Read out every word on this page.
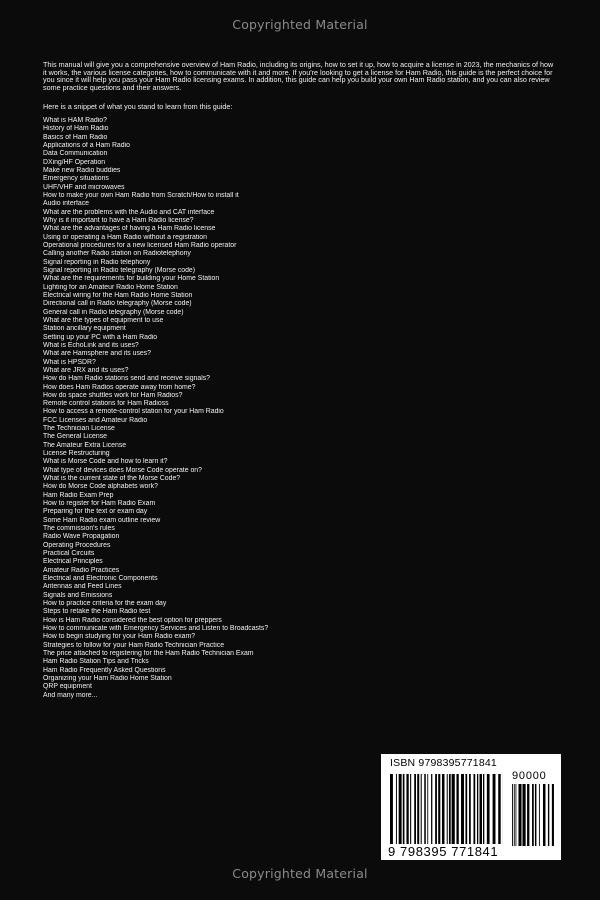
Copyrighted Material
This manual will give you a comprehensive overview of Ham Radio, including its origins, how to set it up, how to acquire a license in 2023, the mechanics of how it works, the various license categories, how to communicate with it and more. If you're looking to get a license for Ham Radio, this guide is the perfect choice for you since it will help you pass your Ham Radio licensing exams. In addition, this guide can help you build your own Ham Radio station, and you can also review some practice questions and their answers.
Here is a snippet of what you stand to learn from this guide:
What is HAM Radio?
History of Ham Radio
Basics of Ham Radio
Applications of a Ham Radio
Data Communication
DXing/HF Operation
Make new Radio buddies
Emergency situations
UHF/VHF and microwaves
How to make your own Ham Radio from Scratch/How to install it
Audio interface
What are the problems with the Audio and CAT interface
Why is it important to have a Ham Radio license?
What are the advantages of having a Ham Radio license
Using or operating a Ham Radio without a registration
Operational procedures for a new licensed Ham Radio operator
Calling another Radio station on Radiotelephony
Signal reporting in Radio telephony
Signal reporting in Radio telegraphy (Morse code)
What are the requirements for building your Home Station
Lighting for an Amateur Radio Home Station
Electrical wiring for the Ham Radio Home Station
Directional call in Radio telegraphy (Morse code)
General call in Radio telegraphy (Morse code)
What are the types of equipment to use
Station ancillary equipment
Setting up your PC with a Ham Radio
What is EchoLink and its uses?
What are Hamsphere and its uses?
What is HPSDR?
What are JRX and its uses?
How do Ham Radio stations send and receive signals?
How does Ham Radios operate away from home?
How do space shuttles work for Ham Radios?
Remote control stations for Ham Radioss
How to access a remote-control station for your Ham Radio
FCC Licenses and Amateur Radio
The Technician License
The General License
The Amateur Extra License
License Restructuring
What is Morse Code and how to learn it?
What type of devices does Morse Code operate on?
What is the current state of the Morse Code?
How do Morse Code alphabets work?
Ham Radio Exam Prep
How to register for Ham Radio Exam
Preparing for the text or exam day
Some Ham Radio exam outline review
The commission's rules
Radio Wave Propagation
Operating Procedures
Practical Circuits
Electrical Principles
Amateur Radio Practices
Electrical and Electronic Components
Antennas and Feed Lines
Signals and Emissions
How to practice criteria for the exam day
Steps to retake the Ham Radio test
How is Ham Radio considered the best option for preppers
How to communicate with Emergency Services and Listen to Broadcasts?
How to begin studying for your Ham Radio exam?
Strategies to follow for your Ham Radio Technician Practice
The price attached to registering for the Ham Radio Technician Exam
Ham Radio Station Tips and Tricks
Ham Radio Frequently Asked Questions
Organizing your Ham Radio Home Station
QRP equipment
And many more...
ISBN 9798395771841
90000
9 798395 771841
Copyrighted Material
